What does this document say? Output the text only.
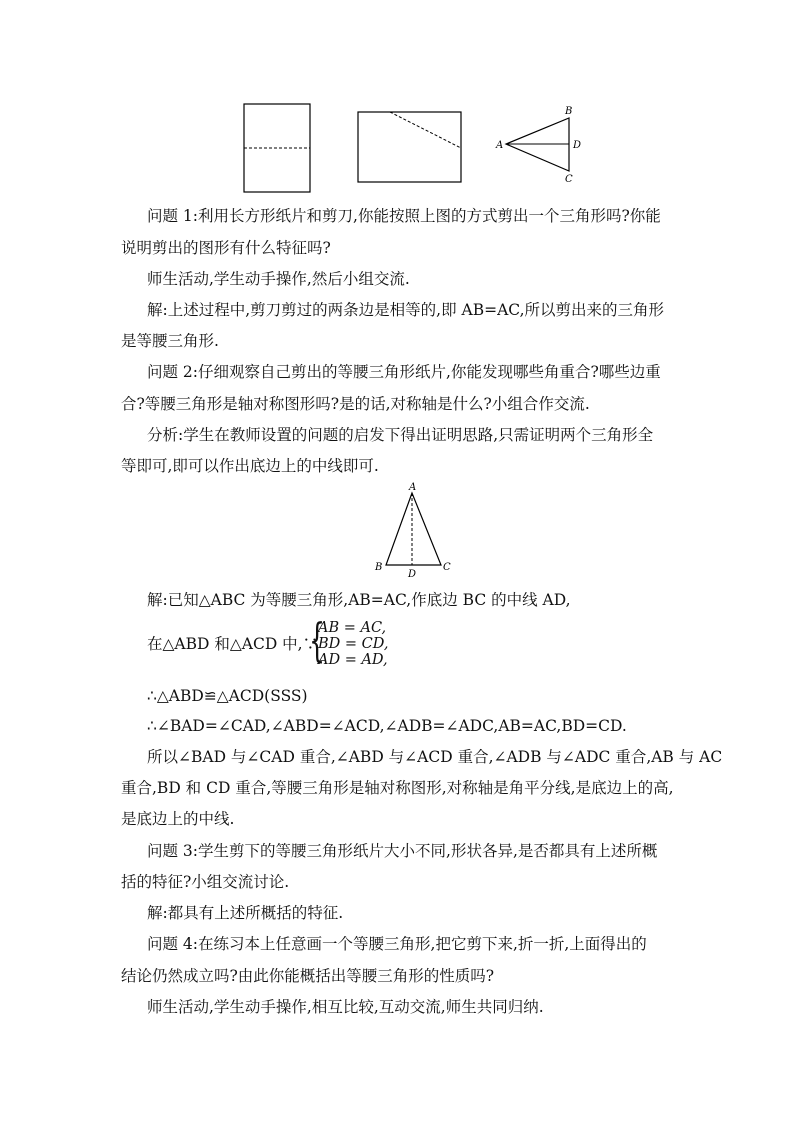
A
B
C
D
问题 1:利用长方形纸片和剪刀,你能按照上图的方式剪出一个三角形吗?你能
说明剪出的图形有什么特征吗?
师生活动,学生动手操作,然后小组交流.
解:上述过程中,剪刀剪过的两条边是相等的,即 AB=AC,所以剪出来的三角形
是等腰三角形.
问题 2:仔细观察自己剪出的等腰三角形纸片,你能发现哪些角重合?哪些边重
合?等腰三角形是轴对称图形吗?是的话,对称轴是什么?小组合作交流.
分析:学生在教师设置的问题的启发下得出证明思路,只需证明两个三角形全
等即可,即可以作出底边上的中线即可.
A
B	C
D
解:已知△ABC 为等腰三角形,AB=AC,作底边 BC 的中线 AD,
在△ABD 和△ACD 中,∵
{
AB = AC,
BD = CD,
AD = AD,
∴△ABD≌△ACD(SSS)
∴∠BAD=∠CAD,∠ABD=∠ACD,∠ADB=∠ADC,AB=AC,BD=CD.
所以∠BAD 与∠CAD 重合,∠ABD 与∠ACD 重合,∠ADB 与∠ADC 重合,AB 与 AC
重合,BD 和 CD 重合,等腰三角形是轴对称图形,对称轴是角平分线,是底边上的高,
是底边上的中线.
问题 3:学生剪下的等腰三角形纸片大小不同,形状各异,是否都具有上述所概
括的特征?小组交流讨论.
解:都具有上述所概括的特征.
问题 4:在练习本上任意画一个等腰三角形,把它剪下来,折一折,上面得出的
结论仍然成立吗?由此你能概括出等腰三角形的性质吗?
师生活动,学生动手操作,相互比较,互动交流,师生共同归纳.
